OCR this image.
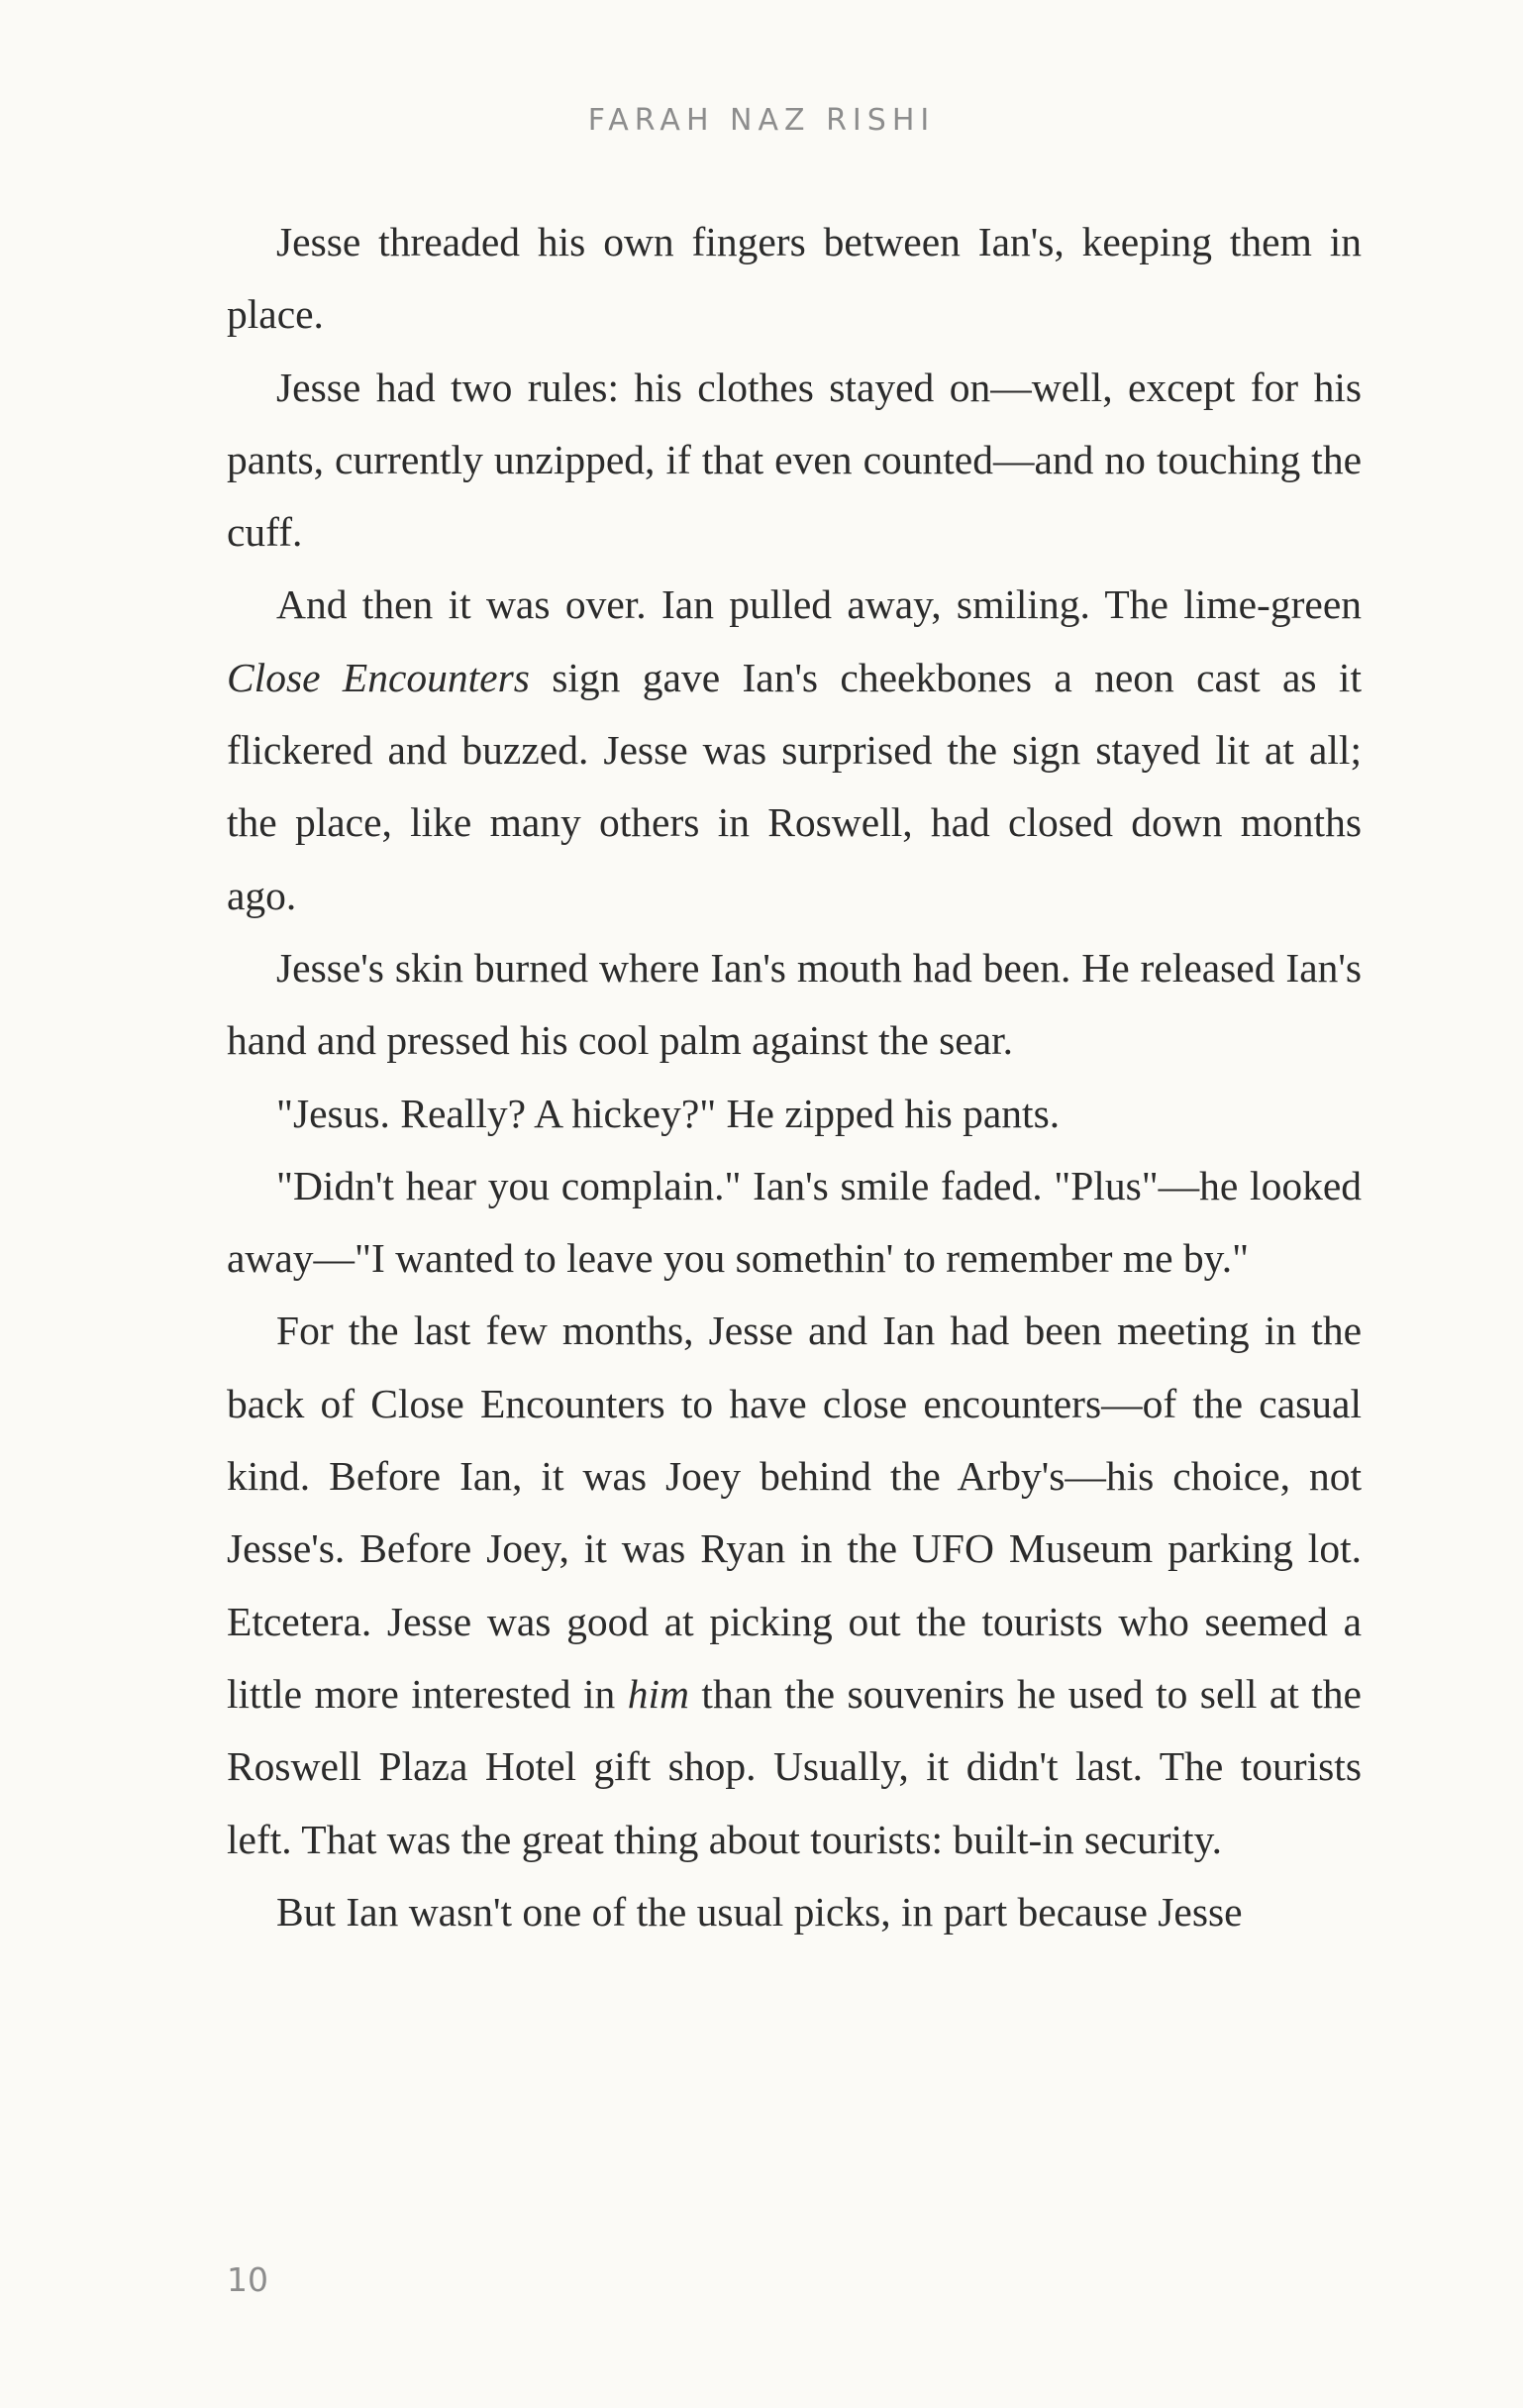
FARAH NAZ RISHI

Jesse threaded his own fingers between Ian's, keeping them in place.

Jesse had two rules: his clothes stayed on—well, except for his pants, currently unzipped, if that even counted—and no touching the cuff.

And then it was over. Ian pulled away, smiling. The lime-green Close Encounters sign gave Ian's cheekbones a neon cast as it flickered and buzzed. Jesse was surprised the sign stayed lit at all; the place, like many others in Roswell, had closed down months ago.

Jesse's skin burned where Ian's mouth had been. He released Ian's hand and pressed his cool palm against the sear.

"Jesus. Really? A hickey?" He zipped his pants.

"Didn't hear you complain." Ian's smile faded. "Plus"—he looked away—"I wanted to leave you somethin' to remember me by."

For the last few months, Jesse and Ian had been meeting in the back of Close Encounters to have close encounters—of the casual kind. Before Ian, it was Joey behind the Arby's—his choice, not Jesse's. Before Joey, it was Ryan in the UFO Museum parking lot. Etcetera. Jesse was good at picking out the tourists who seemed a little more interested in him than the souvenirs he used to sell at the Roswell Plaza Hotel gift shop. Usually, it didn't last. The tourists left. That was the great thing about tourists: built-in security.

But Ian wasn't one of the usual picks, in part because Jesse

10
